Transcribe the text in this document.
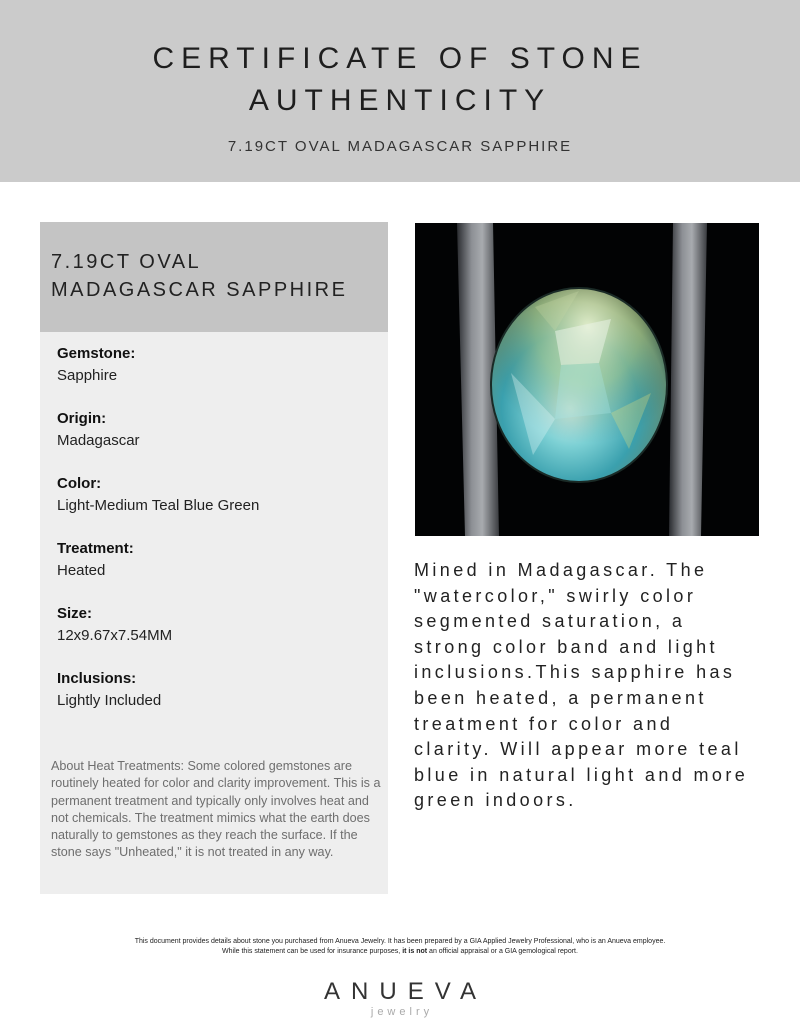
CERTIFICATE OF STONE
AUTHENTICITY
7.19CT OVAL MADAGASCAR SAPPHIRE
7.19CT OVAL
MADAGASCAR SAPPHIRE
Gemstone:
Sapphire
Origin:
Madagascar
Color:
Light-Medium Teal Blue Green
Treatment:
Heated
Size:
12x9.67x7.54MM
Inclusions:
Lightly Included
About Heat Treatments: Some colored gemstones are routinely heated for color and clarity improvement. This is a permanent treatment and typically only involves heat and not chemicals. The treatment mimics what the earth does naturally to gemstones as they reach the surface. If the stone says "Unheated," it is not treated in any way.
Mined in Madagascar. The "watercolor," swirly color segmented saturation, a strong color band and light inclusions.This sapphire has been heated, a permanent treatment for color and clarity. Will appear more teal blue in natural light and more green indoors.
This document provides details about stone you purchased from Anueva Jewelry. It has been prepared by a GIA Applied Jewelry Professional, who is an Anueva employee.
While this statement can be used for insurance purposes, it is not an official appraisal or a GIA gemological report.
ANUEVA
jewelry
